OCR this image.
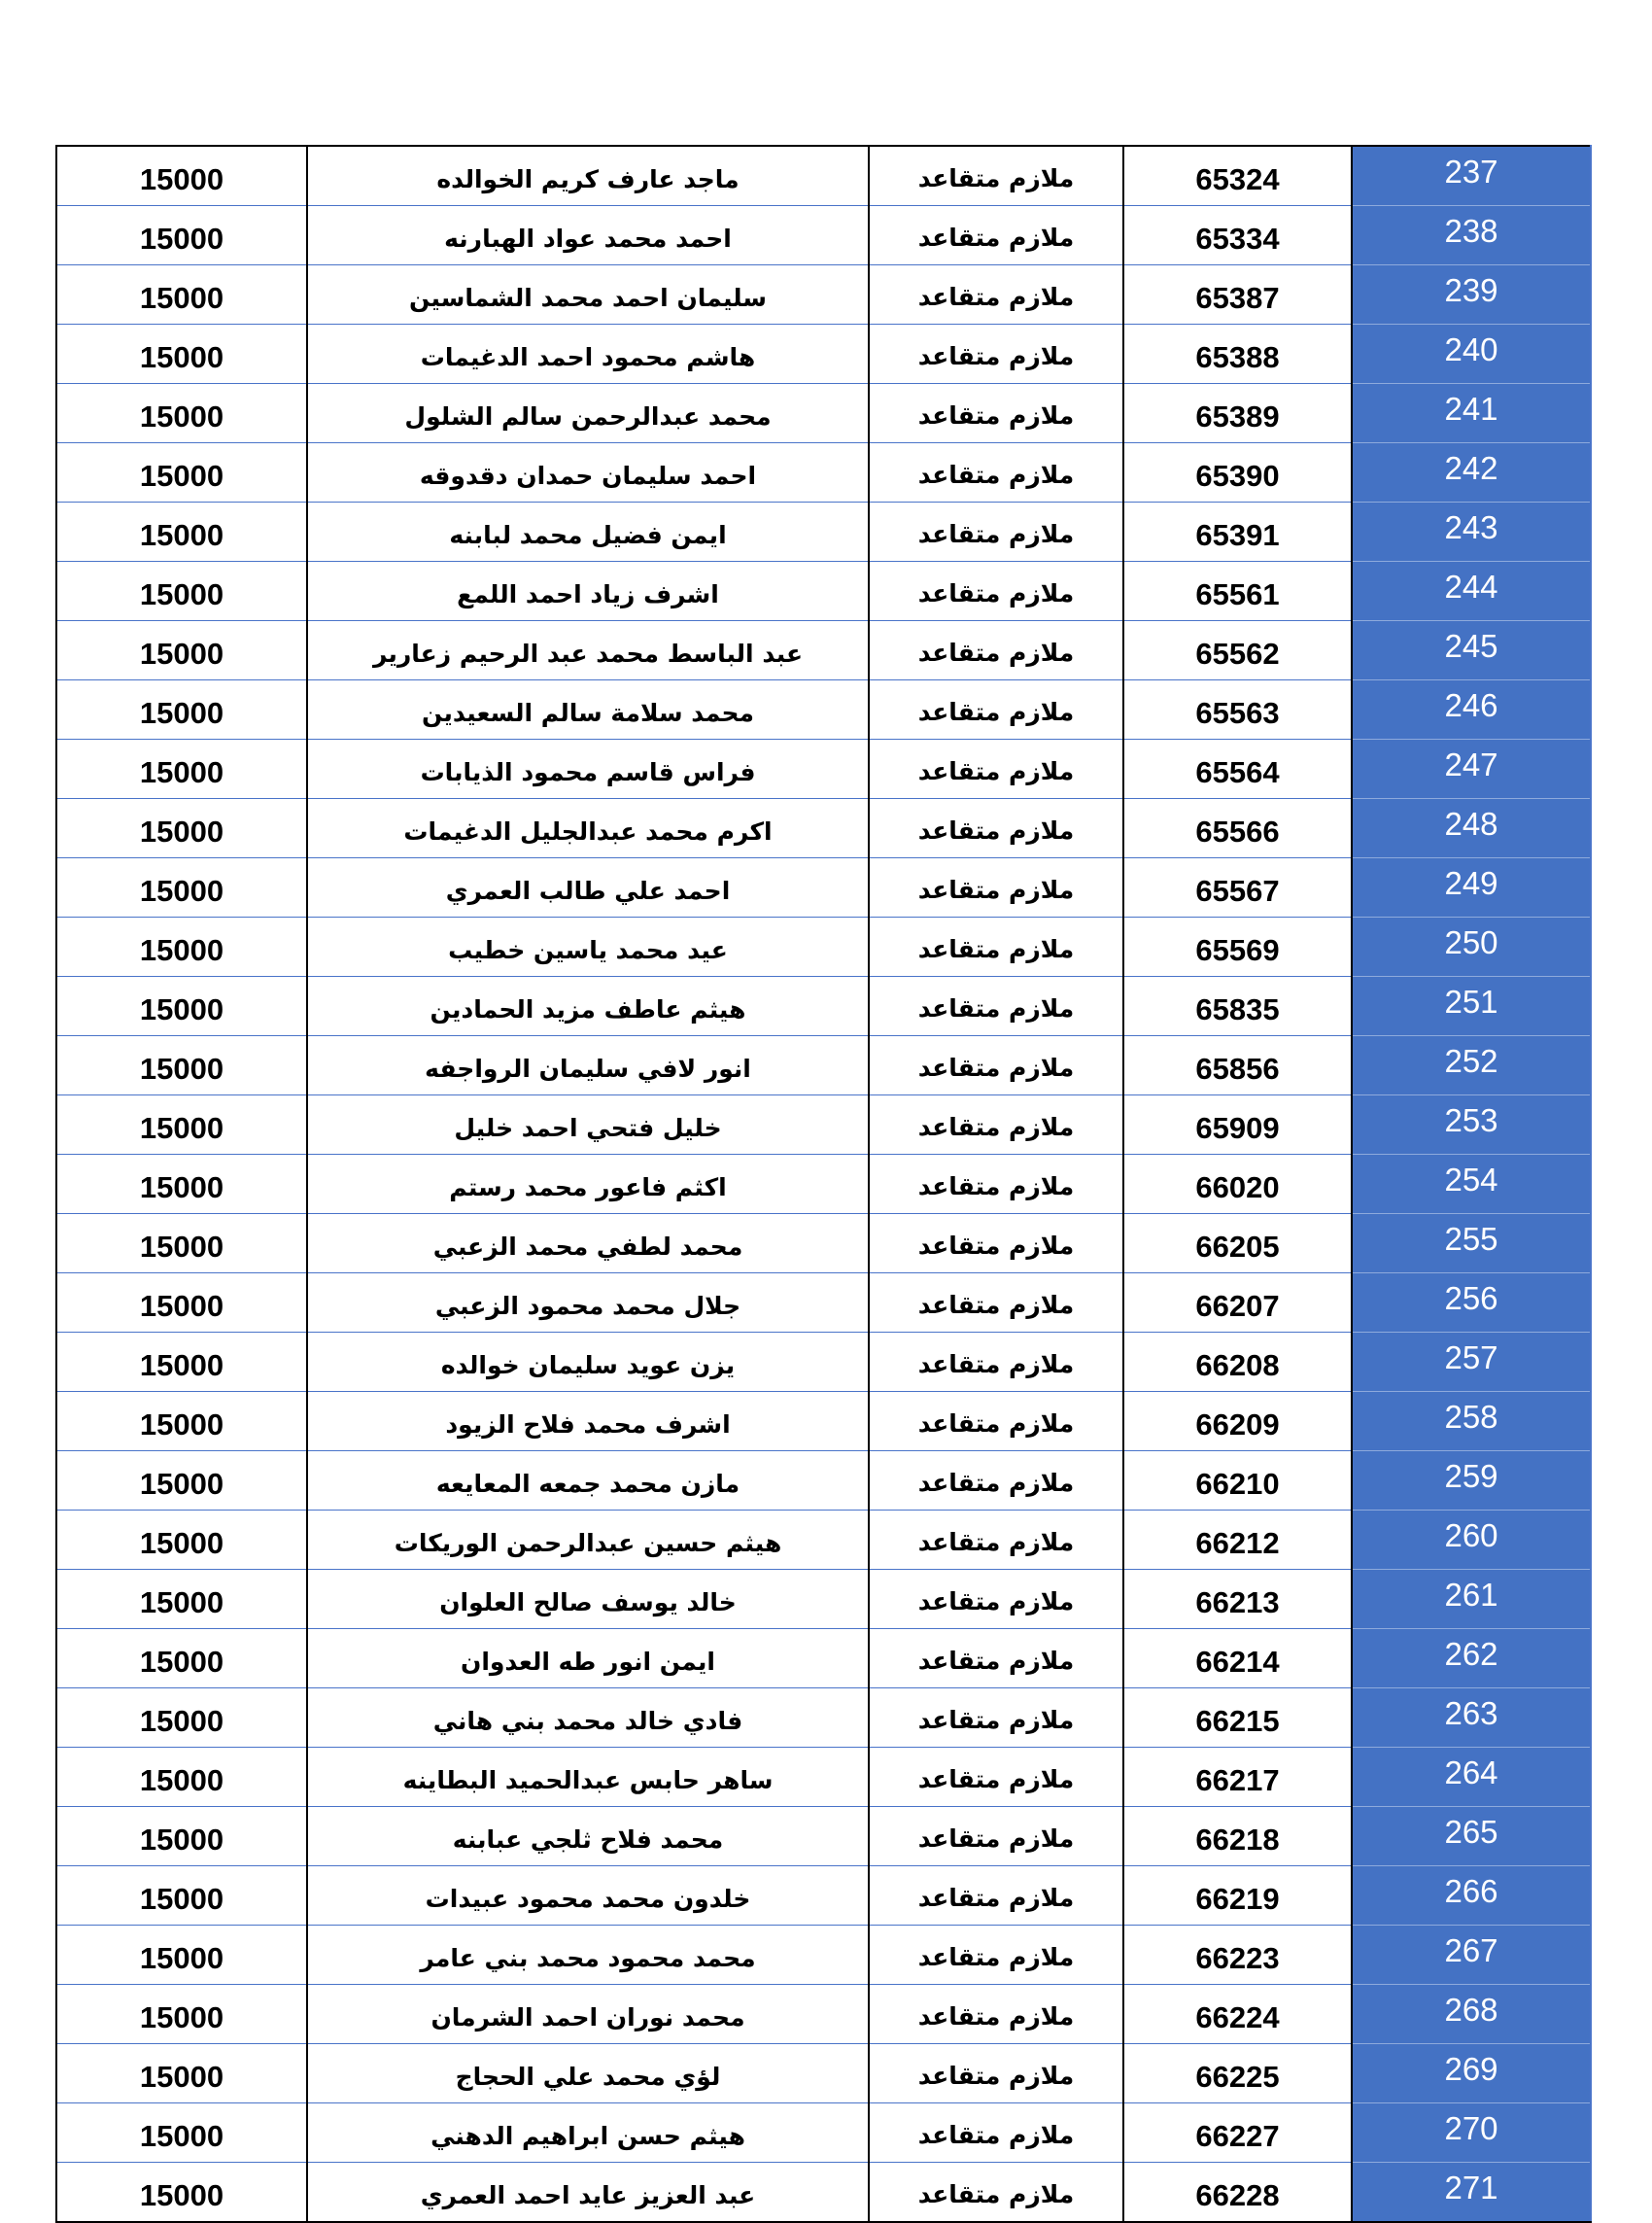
15000	ماجد عارف كريم الخوالده	ملازم متقاعد	65324	237
15000	احمد محمد عواد الهبارنه	ملازم متقاعد	65334	238
15000	سليمان احمد محمد الشماسين	ملازم متقاعد	65387	239
15000	هاشم محمود احمد الدغيمات	ملازم متقاعد	65388	240
15000	محمد عبدالرحمن سالم الشلول	ملازم متقاعد	65389	241
15000	احمد سليمان حمدان دقدوقه	ملازم متقاعد	65390	242
15000	ايمن فضيل محمد لبابنه	ملازم متقاعد	65391	243
15000	اشرف زياد احمد اللمع	ملازم متقاعد	65561	244
15000	عبد الباسط محمد عبد الرحيم زعارير	ملازم متقاعد	65562	245
15000	محمد سلامة سالم السعيدين	ملازم متقاعد	65563	246
15000	فراس قاسم محمود الذيابات	ملازم متقاعد	65564	247
15000	اكرم محمد عبدالجليل الدغيمات	ملازم متقاعد	65566	248
15000	احمد علي طالب العمري	ملازم متقاعد	65567	249
15000	عيد محمد ياسين خطيب	ملازم متقاعد	65569	250
15000	هيثم عاطف مزيد الحمادين	ملازم متقاعد	65835	251
15000	انور لافي سليمان الرواجفه	ملازم متقاعد	65856	252
15000	خليل فتحي احمد خليل	ملازم متقاعد	65909	253
15000	اكثم فاعور محمد رستم	ملازم متقاعد	66020	254
15000	محمد لطفي محمد الزعبي	ملازم متقاعد	66205	255
15000	جلال محمد محمود الزعبي	ملازم متقاعد	66207	256
15000	يزن عويد سليمان خوالده	ملازم متقاعد	66208	257
15000	اشرف محمد فلاح الزيود	ملازم متقاعد	66209	258
15000	مازن محمد جمعه المعايعه	ملازم متقاعد	66210	259
15000	هيثم حسين عبدالرحمن الوريكات	ملازم متقاعد	66212	260
15000	خالد يوسف صالح العلوان	ملازم متقاعد	66213	261
15000	ايمن انور طه العدوان	ملازم متقاعد	66214	262
15000	فادي خالد محمد بني هاني	ملازم متقاعد	66215	263
15000	ساهر حابس عبدالحميد البطاينه	ملازم متقاعد	66217	264
15000	محمد فلاح ثلجي عبابنه	ملازم متقاعد	66218	265
15000	خلدون محمد محمود عبيدات	ملازم متقاعد	66219	266
15000	محمد محمود محمد بني عامر	ملازم متقاعد	66223	267
15000	محمد نوران احمد الشرمان	ملازم متقاعد	66224	268
15000	لؤي محمد علي الحجاج	ملازم متقاعد	66225	269
15000	هيثم حسن ابراهيم الدهني	ملازم متقاعد	66227	270
15000	عبد العزيز عايد احمد العمري	ملازم متقاعد	66228	271
